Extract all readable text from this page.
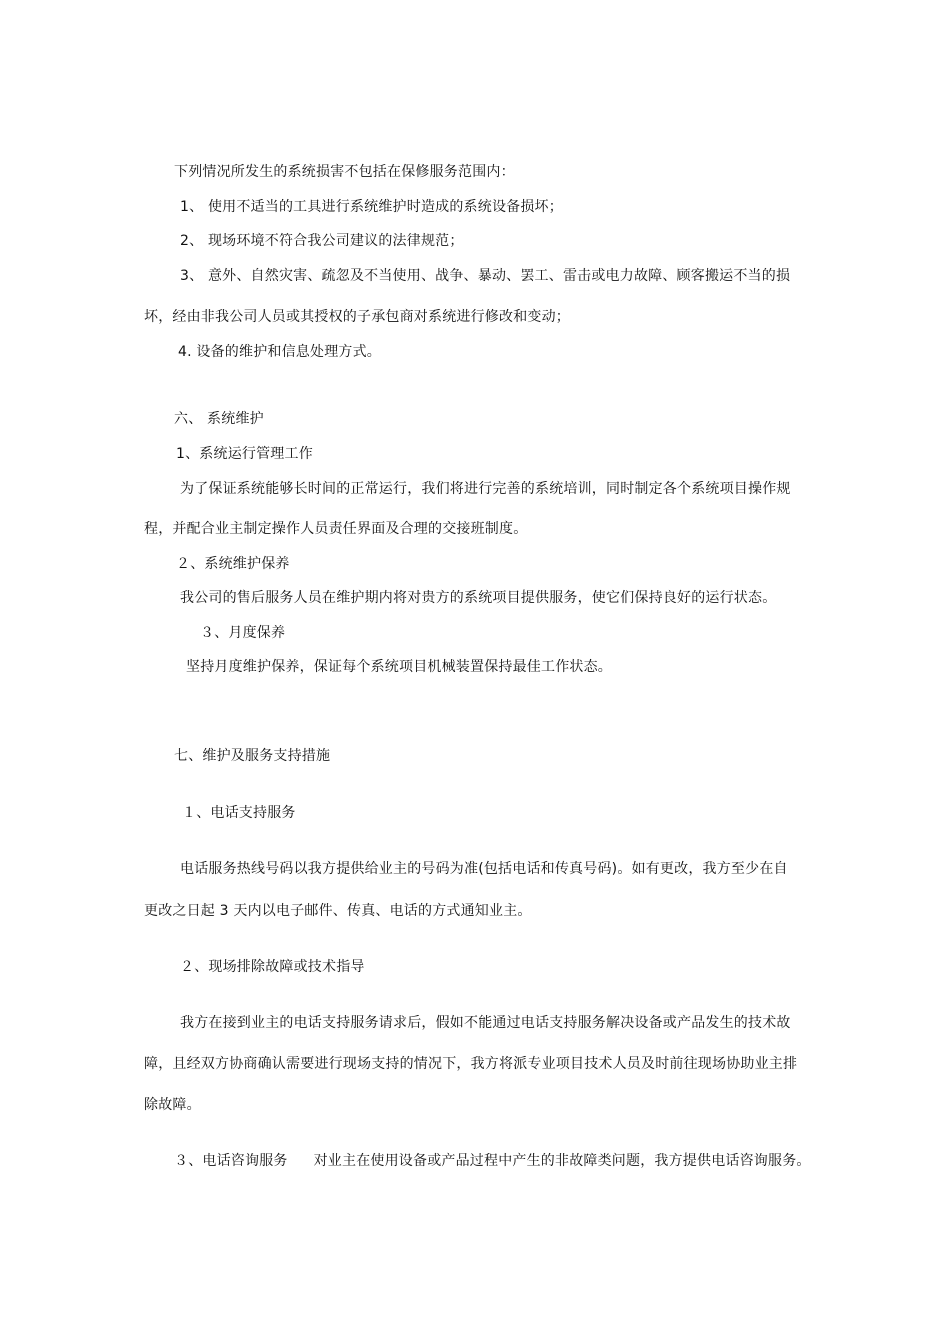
下列情况所发生的系统损害不包括在保修服务范围内：
1、 使用不适当的工具进行系统维护时造成的系统设备损坏；
2、 现场环境不符合我公司建议的法律规范；
3、 意外、自然灾害、疏忽及不当使用、战争、暴动、罢工、雷击或电力故障、顾客搬运不当的损
坏，经由非我公司人员或其授权的子承包商对系统进行修改和变动；
4. 设备的维护和信息处理方式。
六、 系统维护
1、系统运行管理工作
为了保证系统能够长时间的正常运行，我们将进行完善的系统培训，同时制定各个系统项目操作规
程，并配合业主制定操作人员责任界面及合理的交接班制度。
２、系统维护保养
我公司的售后服务人员在维护期内将对贵方的系统项目提供服务，使它们保持良好的运行状态。
３、月度保养
坚持月度维护保养，保证每个系统项目机械装置保持最佳工作状态。
七、维护及服务支持措施
１、电话支持服务
电话服务热线号码以我方提供给业主的号码为准(包括电话和传真号码)。如有更改，我方至少在自
更改之日起 3 天内以电子邮件、传真、电话的方式通知业主。
２、现场排除故障或技术指导
我方在接到业主的电话支持服务请求后，假如不能通过电话支持服务解决设备或产品发生的技术故
障，且经双方协商确认需要进行现场支持的情况下，我方将派专业项目技术人员及时前往现场协助业主排
除故障。
３、电话咨询服务 对业主在使用设备或产品过程中产生的非故障类问题，我方提供电话咨询服务。
